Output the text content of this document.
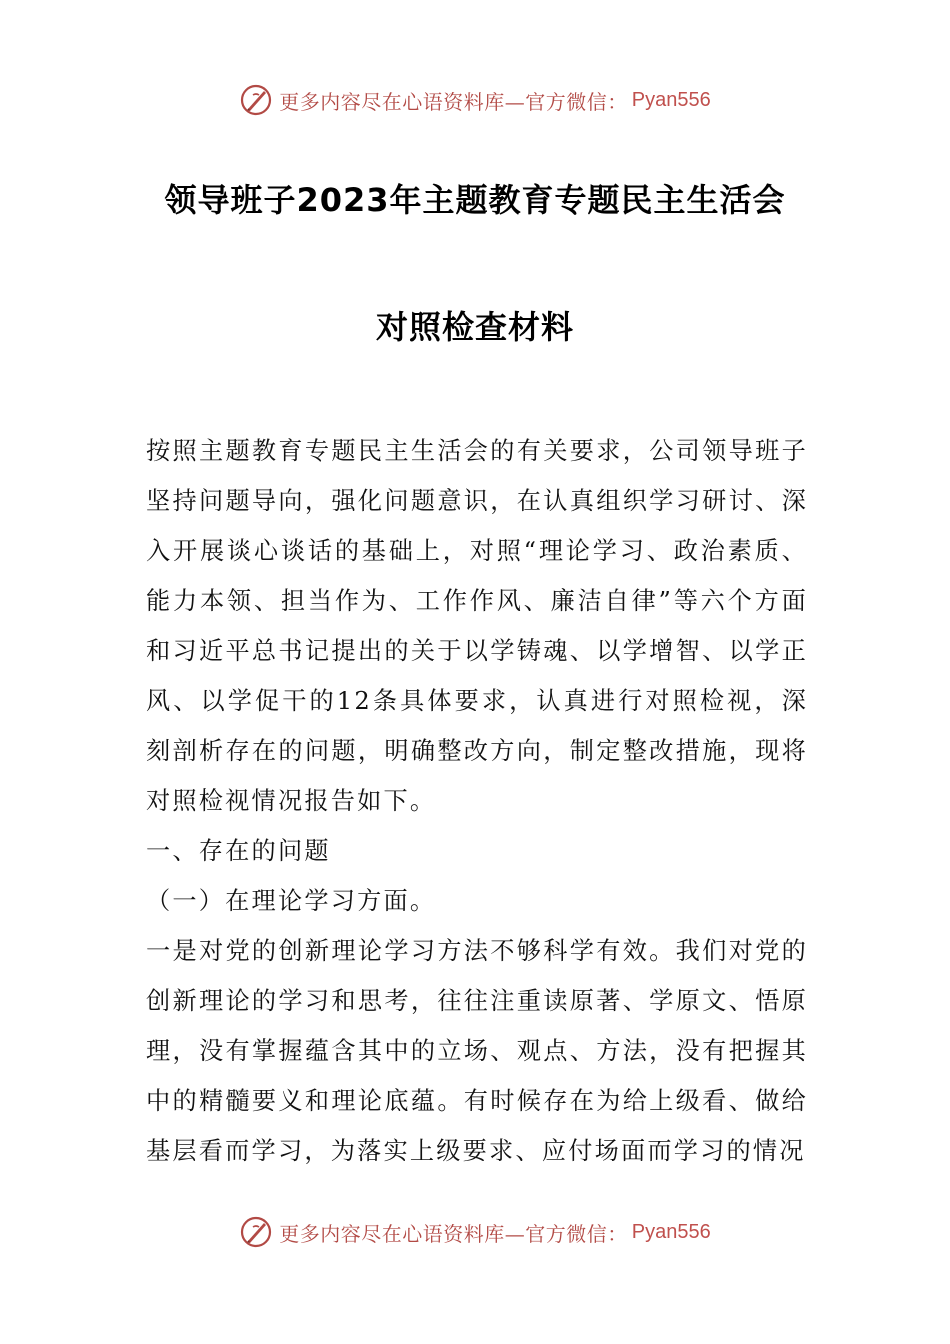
更多内容尽在心语资料库—官方微信： Pyan556
领导班子2023年主题教育专题民主生活会
对照检查材料

按照主题教育专题民主生活会的有关要求，公司领导班子坚持问题导向，强化问题意识，在认真组织学习研讨、深入开展谈心谈话的基础上，对照“理论学习、政治素质、能力本领、担当作为、工作作风、廉洁自律”等六个方面和习近平总书记提出的关于以学铸魂、以学增智、以学正风、以学促干的12条具体要求，认真进行对照检视，深刻剖析存在的问题，明确整改方向，制定整改措施，现将对照检视情况报告如下。

一、存在的问题

（一）在理论学习方面。

一是对党的创新理论学习方法不够科学有效。我们对党的创新理论的学习和思考，往往注重读原著、学原文、悟原理，没有掌握蕴含其中的立场、观点、方法，没有把握其中的精髓要义和理论底蕴。有时候存在为给上级看、做给基层看而学习，为落实上级要求、应付场面而学习的情况

更多内容尽在心语资料库—官方微信： Pyan556
